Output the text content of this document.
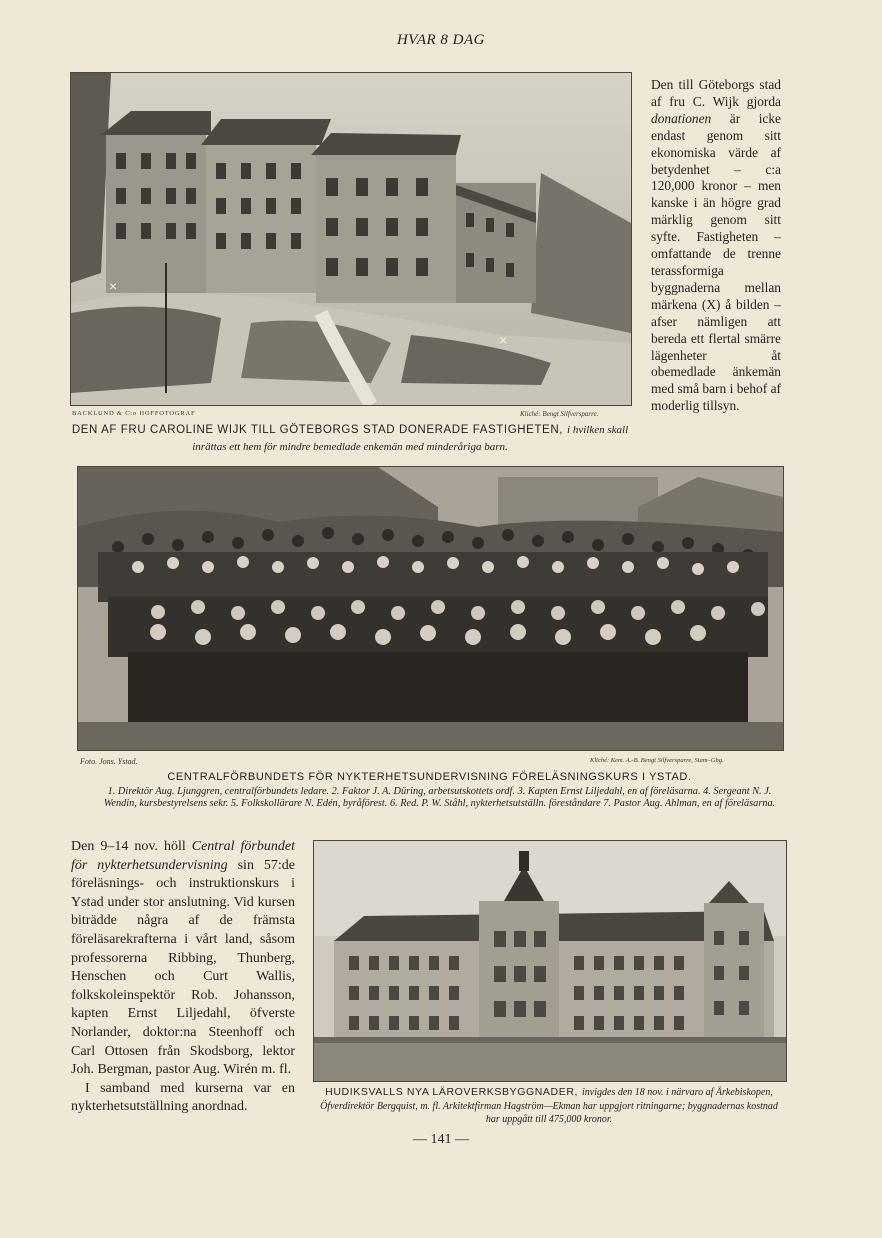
HVAR 8 DAG
×
×
BACKLUND & C:o HOFFOTOGRAF	Kliché: Bengt Silfversparre.
DEN AF FRU CAROLINE WIJK TILL GÖTEBORGS STAD DONERADE FASTIGHETEN, i hvilken skall inrättas ett hem för mindre bemedlade enkemän med minderåriga barn.
Den till Göteborgs stad af fru C. Wijk gjorda donationen är icke endast genom sitt ekonomiska värde af betydenhet – c:a 120,000 kronor – men kanske i än högre grad märklig genom sitt syfte. Fastigheten – omfattande de trenne terassformiga byggnaderna mellan märkena (X) å bilden – afser nämligen att bereda ett flertal smärre lägenheter åt obemedlade änkemän med små barn i behof af moderlig tillsyn.
Foto. Jons. Ystad.	Kliché: Kem. A.-B. Bengt Silfversparre, Stam–Gbg.
CENTRALFÖRBUNDETS FÖR NYKTERHETSUNDERVISNING FÖRELÄSNINGSKURS I YSTAD.
1. Direktör Aug. Ljunggren, centralförbundets ledare. 2. Faktor J. A. Düring, arbetsutskottets ordf. 3. Kapten Ernst Liljedahl, en af föreläsarna. 4. Sergeant N. J. Wendin, kursbestyrelsens sekr. 5. Folkskollärare N. Edén, byråförest. 6. Red. P. W. Ståhl, nykterhetsutställn. föreståndare 7. Pastor Aug. Ahlman, en af föreläsarna.
Den 9–14 nov. höll Central förbundet för nykterhetsundervisning sin 57:de föreläsnings- och instruktionskurs i Ystad under stor anslutning. Vid kursen biträdde några af de främsta föreläsarekrafterna i vårt land, såsom professorerna Ribbing, Thunberg, Henschen och Curt Wallis, folkskoleinspektör Rob. Johansson, kapten Ernst Liljedahl, öfverste Norlander, doktor:na Steenhoff och Carl Ottosen från Skodsborg, lektor Joh. Bergman, pastor Aug. Wirén m. fl.
I samband med kurserna var en nykterhetsutställning anordnad.
HUDIKSVALLS NYA LÄROVERKSBYGGNADER, invigdes den 18 nov. i närvaro af Ärkebiskopen, Öfverdirektör Bergquist, m. fl. Arkitektfirman Hagström—Ekman har uppgjort ritningarne; byggnadernas kostnad har uppgått till 475,000 kronor.
— 141 —
